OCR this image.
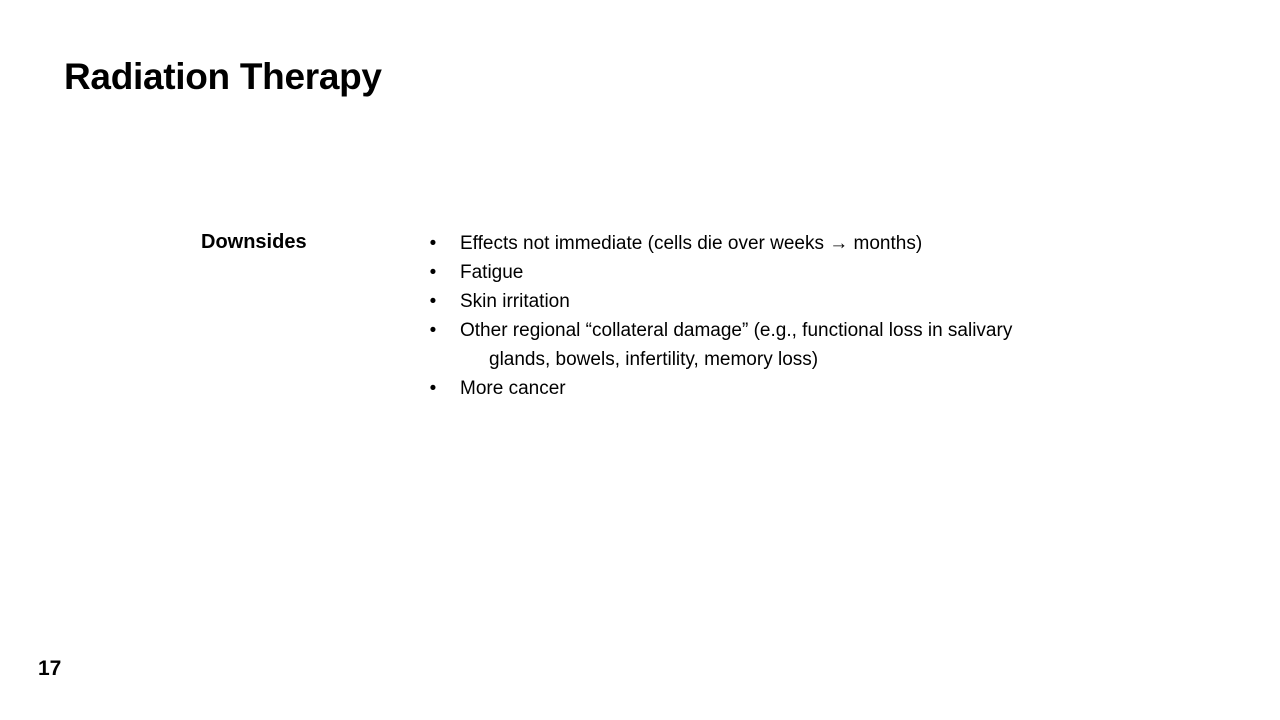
Radiation Therapy
Downsides	• Effects not immediate (cells die over weeks → months)
• Fatigue
• Skin irritation
• Other regional “collateral damage” (e.g., functional loss in salivary
glands, bowels, infertility, memory loss)
• More cancer
17
